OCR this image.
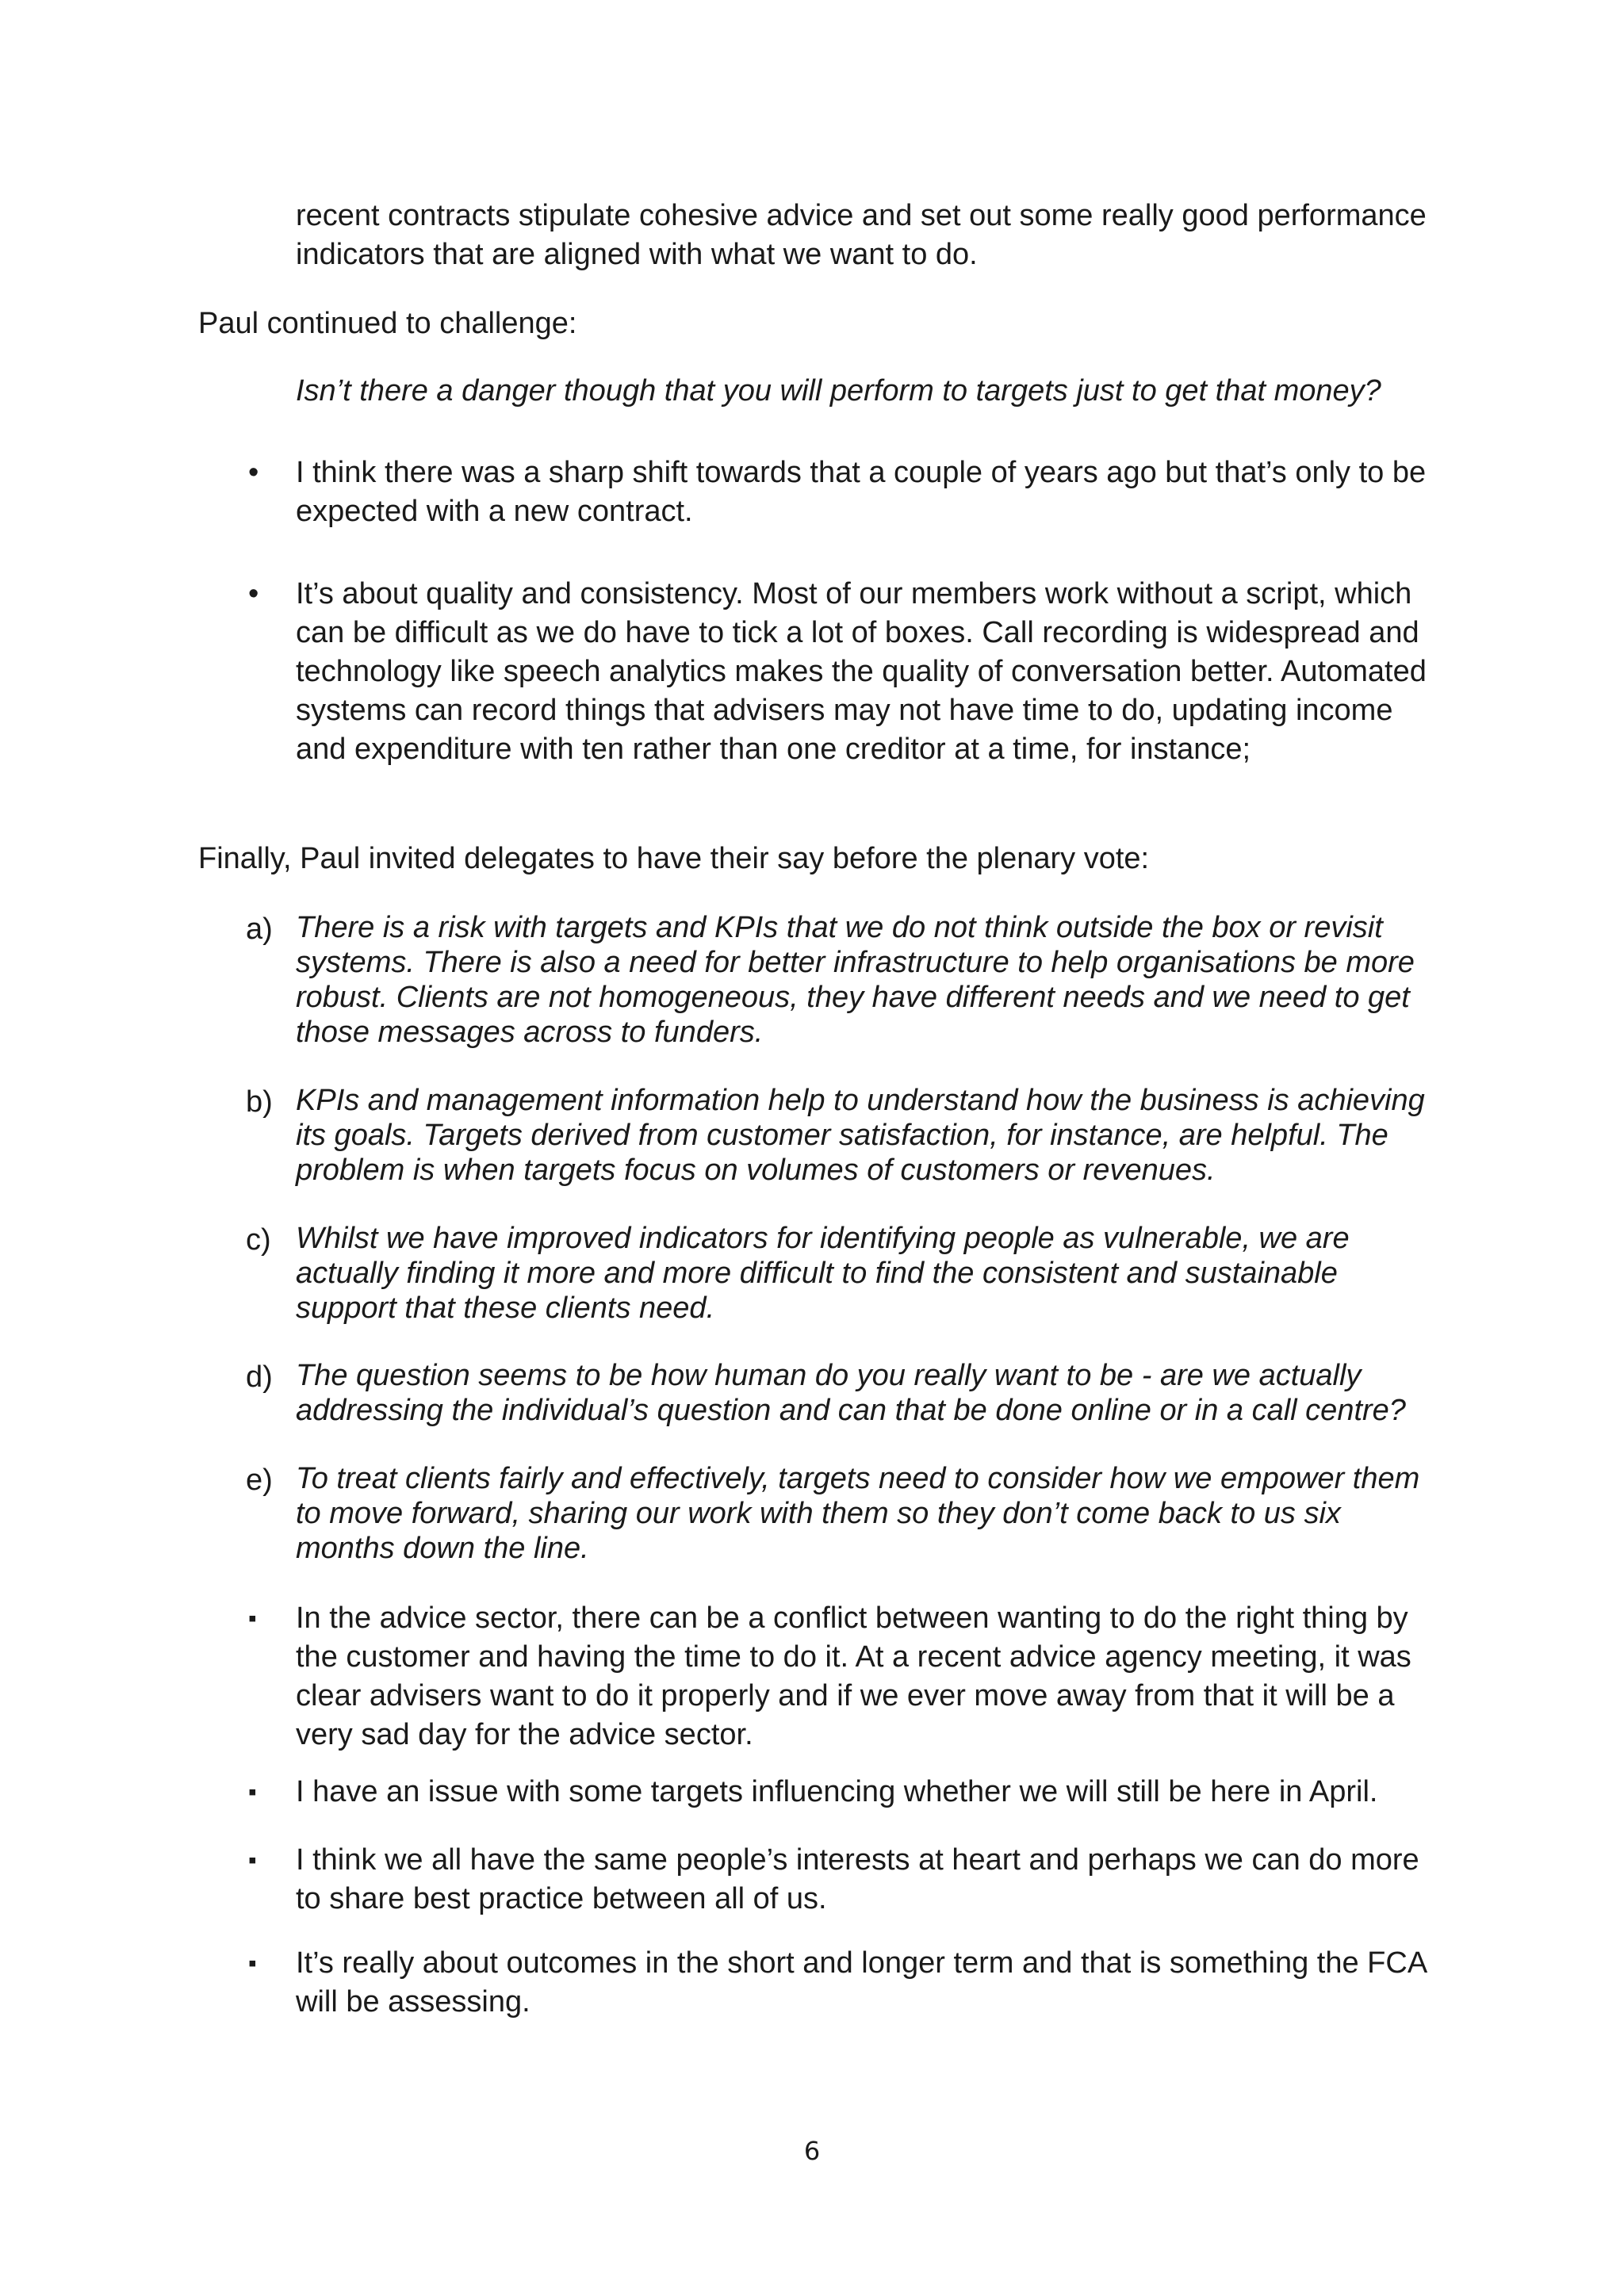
recent contracts stipulate cohesive advice and set out some really good performance indicators that are aligned with what we want to do.

Paul continued to challenge:

Isn’t there a danger though that you will perform to targets just to get that money?

•	I think there was a sharp shift towards that a couple of years ago but that’s only to be expected with a new contract.

•	It’s about quality and consistency. Most of our members work without a script, which can be difficult as we do have to tick a lot of boxes. Call recording is widespread and technology like speech analytics makes the quality of conversation better. Automated systems can record things that advisers may not have time to do, updating income and expenditure with ten rather than one creditor at a time, for instance;

Finally, Paul invited delegates to have their say before the plenary vote:

a) There is a risk with targets and KPIs that we do not think outside the box or revisit systems. There is also a need for better infrastructure to help organisations be more robust. Clients are not homogeneous, they have different needs and we need to get those messages across to funders.

b) KPIs and management information help to understand how the business is achieving its goals. Targets derived from customer satisfaction, for instance, are helpful. The problem is when targets focus on volumes of customers or revenues.

c) Whilst we have improved indicators for identifying people as vulnerable, we are actually finding it more and more difficult to find the consistent and sustainable support that these clients need.

d) The question seems to be how human do you really want to be - are we actually addressing the individual’s question and can that be done online or in a call centre?

e) To treat clients fairly and effectively, targets need to consider how we empower them to move forward, sharing our work with them so they don’t come back to us six months down the line.

▪	In the advice sector, there can be a conflict between wanting to do the right thing by the customer and having the time to do it. At a recent advice agency meeting, it was clear advisers want to do it properly and if we ever move away from that it will be a very sad day for the advice sector.

▪	I have an issue with some targets influencing whether we will still be here in April.

▪	I think we all have the same people’s interests at heart and perhaps we can do more to share best practice between all of us.

▪	It’s really about outcomes in the short and longer term and that is something the FCA will be assessing.

6
